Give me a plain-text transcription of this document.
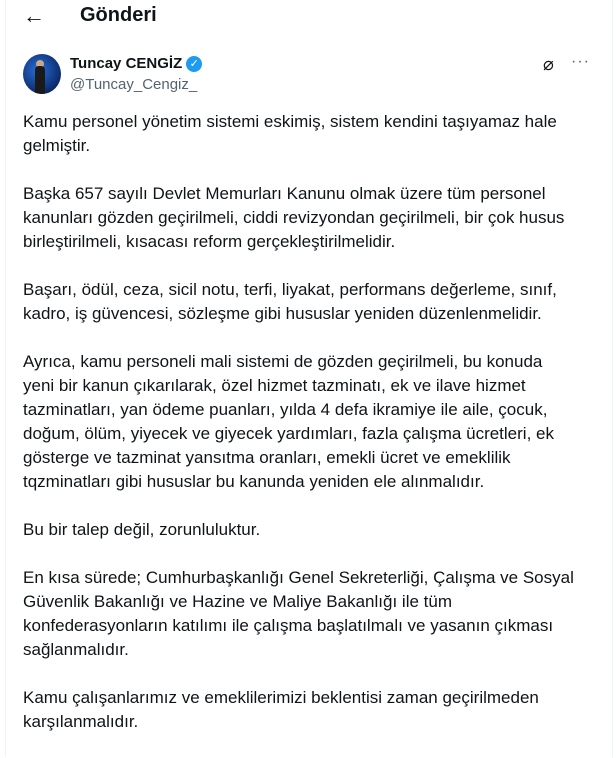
← Gönderi
Tuncay CENGİZ ✓
@Tuncay_Cengiz_
⌀ ···
Kamu personel yönetim sistemi eskimiş, sistem kendini taşıyamaz hale
gelmiştir.
Başka 657 sayılı Devlet Memurları Kanunu olmak üzere tüm personel
kanunları gözden geçirilmeli, ciddi revizyondan geçirilmeli, bir çok husus
birleştirilmeli, kısacası reform gerçekleştirilmelidir.
Başarı, ödül, ceza, sicil notu, terfi, liyakat, performans değerleme, sınıf,
kadro, iş güvencesi, sözleşme gibi hususlar yeniden düzenlenmelidir.
Ayrıca, kamu personeli mali sistemi de gözden geçirilmeli, bu konuda
yeni bir kanun çıkarılarak, özel hizmet tazminatı, ek ve ilave hizmet
tazminatları, yan ödeme puanları, yılda 4 defa ikramiye ile aile, çocuk,
doğum, ölüm, yiyecek ve giyecek yardımları, fazla çalışma ücretleri, ek
gösterge ve tazminat yansıtma oranları, emekli ücret ve emeklilik
tqzminatları gibi hususlar bu kanunda yeniden ele alınmalıdır.
Bu bir talep değil, zorunluluktur.
En kısa sürede; Cumhurbaşkanlığı Genel Sekreterliği, Çalışma ve Sosyal
Güvenlik Bakanlığı ve Hazine ve Maliye Bakanlığı ile tüm
konfederasyonların katılımı ile çalışma başlatılmalı ve yasanın çıkması
sağlanmalıdır.
Kamu çalışanlarımız ve emeklilerimizi beklentisi zaman geçirilmeden
karşılanmalıdır.
